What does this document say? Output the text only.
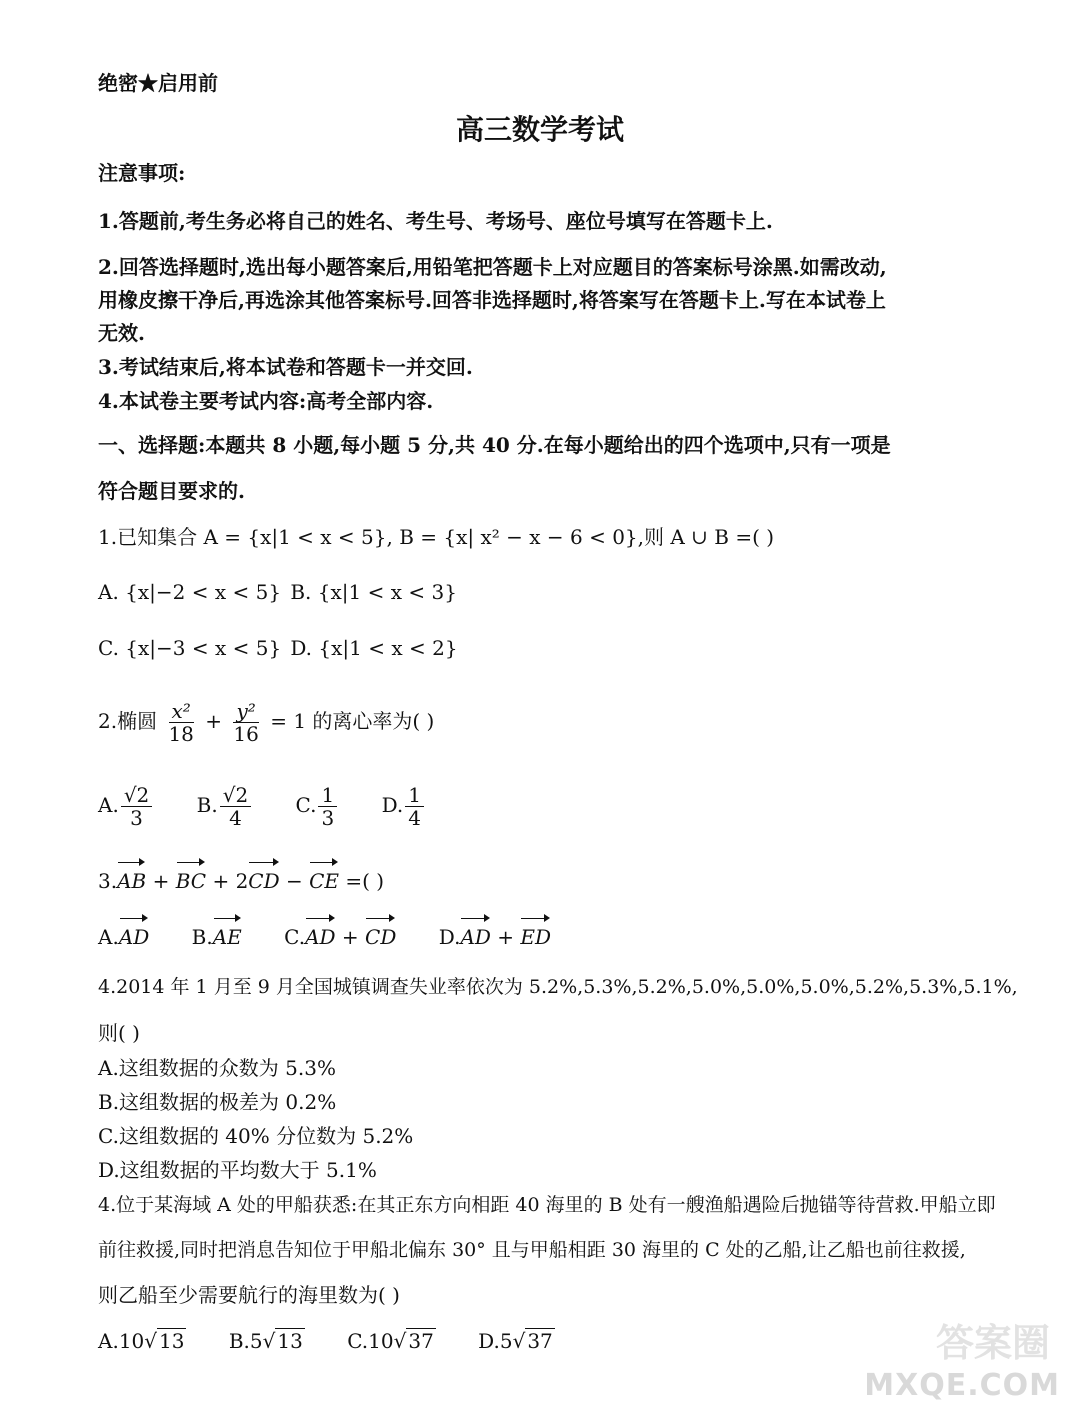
绝密★启用前
高三数学考试
注意事项:
1.答题前,考生务必将自己的姓名、考生号、考场号、座位号填写在答题卡上.
2.回答选择题时,选出每小题答案后,用铅笔把答题卡上对应题目的答案标号涂黑.如需改动,
用橡皮擦干净后,再选涂其他答案标号.回答非选择题时,将答案写在答题卡上.写在本试卷上
无效.
3.考试结束后,将本试卷和答题卡一并交回.
4.本试卷主要考试内容:高考全部内容.
一、选择题:本题共 8 小题,每小题 5 分,共 40 分.在每小题给出的四个选项中,只有一项是
符合题目要求的.
1.已知集合 A = {x|1 < x < 5}, B = {x| x² − x − 6 < 0},则 A ∪ B =( )
A. {x|−2 < x < 5} B. {x|1 < x < 3}
C. {x|−3 < x < 5} D. {x|1 < x < 2}
2.椭圆 $\frac{\text{x²}}{18} + \frac{\text{y²}}{16} = 1$ 的离心率为( )
A. $\frac{√2}{3} B$. $\frac{√2}{4} C$. $\frac{1}{3} D$. $\frac{1}{4}$
3.AB + BC + 2CD − CE =( )
A.AD B.AE C.AD + CD D.AD + ED
4.2014 年 1 月至 9 月全国城镇调查失业率依次为 5.2%,5.3%,5.2%,5.0%,5.0%,5.0%,5.2%,5.3%,5.1%,
则( )
A.这组数据的众数为 5.3%
B.这组数据的极差为 0.2%
C.这组数据的 40% 分位数为 5.2%
D.这组数据的平均数大于 5.1%
4.位于某海域 A 处的甲船获悉:在其正东方向相距 40 海里的 B 处有一艘渔船遇险后抛锚等待营救.甲船立即
前往救援,同时把消息告知位于甲船北偏东 30° 且与甲船相距 30 海里的 C 处的乙船,让乙船也前往救援,
则乙船至少需要航行的海里数为( )
A.10√ 13 B.5√ 13 C.10√ 37 D.5√ 37	答案圈
MXQE.COM
